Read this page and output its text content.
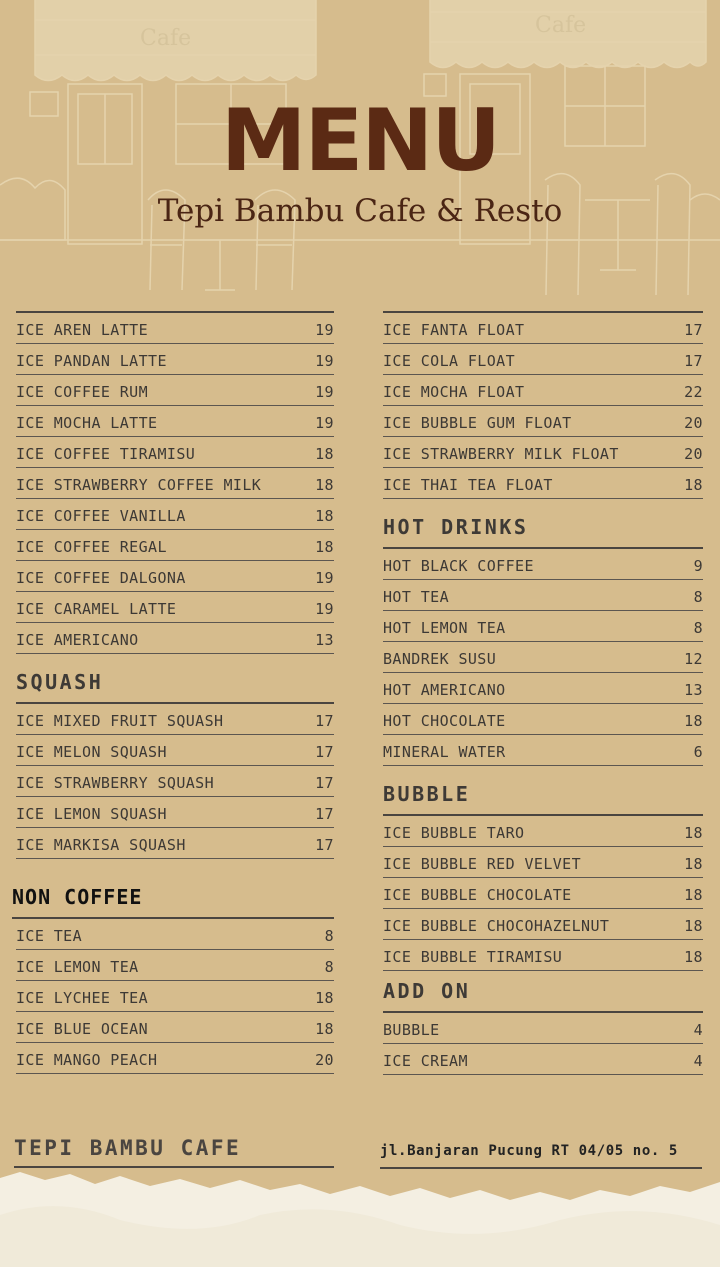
Cafe
Cafe
MENU
Tepi Bambu Cafe & Resto
ICE AREN LATTE	19
ICE PANDAN LATTE	19
ICE COFFEE RUM	19
ICE MOCHA LATTE	19
ICE COFFEE TIRAMISU	18
ICE STRAWBERRY COFFEE MILK	18
ICE COFFEE VANILLA	18
ICE COFFEE REGAL	18
ICE COFFEE DALGONA	19
ICE CARAMEL LATTE	19
ICE AMERICANO	13
SQUASH
ICE MIXED FRUIT SQUASH	17
ICE MELON SQUASH	17
ICE STRAWBERRY SQUASH	17
ICE LEMON SQUASH	17
ICE MARKISA SQUASH	17
NON COFFEE
ICE TEA	8
ICE LEMON TEA	8
ICE LYCHEE TEA	18
ICE BLUE OCEAN	18
ICE MANGO PEACH	20
ICE FANTA FLOAT	17
ICE COLA FLOAT	17
ICE MOCHA FLOAT	22
ICE BUBBLE GUM FLOAT	20
ICE STRAWBERRY MILK FLOAT	20
ICE THAI TEA FLOAT	18
HOT DRINKS
HOT BLACK COFFEE	9
HOT TEA	8
HOT LEMON TEA	8
BANDREK SUSU	12
HOT AMERICANO	13
HOT CHOCOLATE	18
MINERAL WATER	6
BUBBLE
ICE BUBBLE TARO	18
ICE BUBBLE RED VELVET	18
ICE BUBBLE CHOCOLATE	18
ICE BUBBLE CHOCOHAZELNUT	18
ICE BUBBLE TIRAMISU	18
ADD ON
BUBBLE	4
ICE CREAM	4
TEPI BAMBU CAFE	jl.Banjaran Pucung RT 04/05 no. 5
